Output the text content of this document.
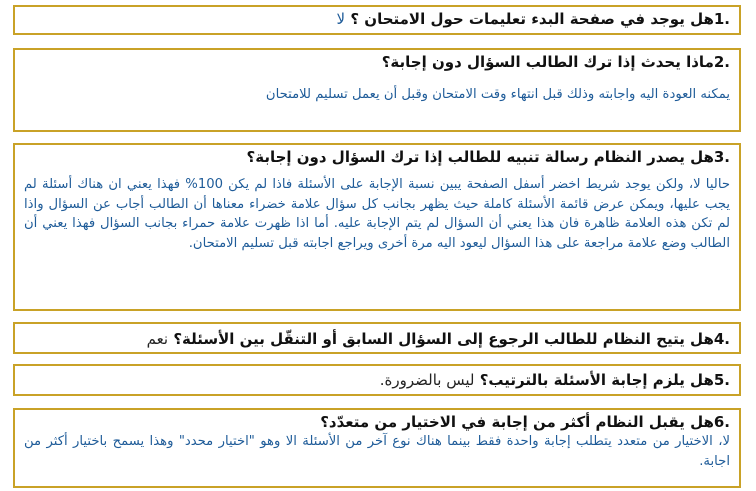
1.هل يوجد في صفحة البدء تعليمات حول الامتحان ؟ لا
2.ماذا يحدث إذا ترك الطالب السؤال دون إجابة؟

يمكنه العودة اليه واجابته وذلك قبل انتهاء وقت الامتحان وقبل أن يعمل تسليم للامتحان

3.هل يصدر النظام رسالة تنبيه للطالب إذا ترك السؤال دون إجابة؟

حاليا لا، ولكن يوجد شريط اخضر أسفل الصفحة يبين نسبة الإجابة على الأسئلة فاذا لم يكن 100% فهذا يعني ان هناك أسئلة لم يجب عليها، ويمكن عرض قائمة الأسئلة كاملة حيث يظهر بجانب كل سؤال علامة خضراء معناها أن الطالب أجاب عن السؤال واذا لم تكن هذه العلامة ظاهرة فان هذا يعني أن السؤال لم يتم الإجابة عليه. أما اذا ظهرت علامة حمراء بجانب السؤال فهذا يعني أن الطالب وضع علامة مراجعة على هذا السؤال ليعود اليه مرة أخرى ويراجع اجابته قبل تسليم الامتحان.

4.هل يتيح النظام للطالب الرجوع إلى السؤال السابق أو التنقّل بين الأسئلة؟ نعم
5.هل يلزم إجابة الأسئلة بالترتيب؟ ليس بالضرورة.
6.هل يقبل النظام أكثر من إجابة في الاختيار من متعدّد؟

لا، الاختيار من متعدد يتطلب إجابة واحدة فقط بينما هناك نوع آخر من الأسئلة الا وهو "اختيار محدد" وهذا يسمح باختيار أكثر من اجابة.
